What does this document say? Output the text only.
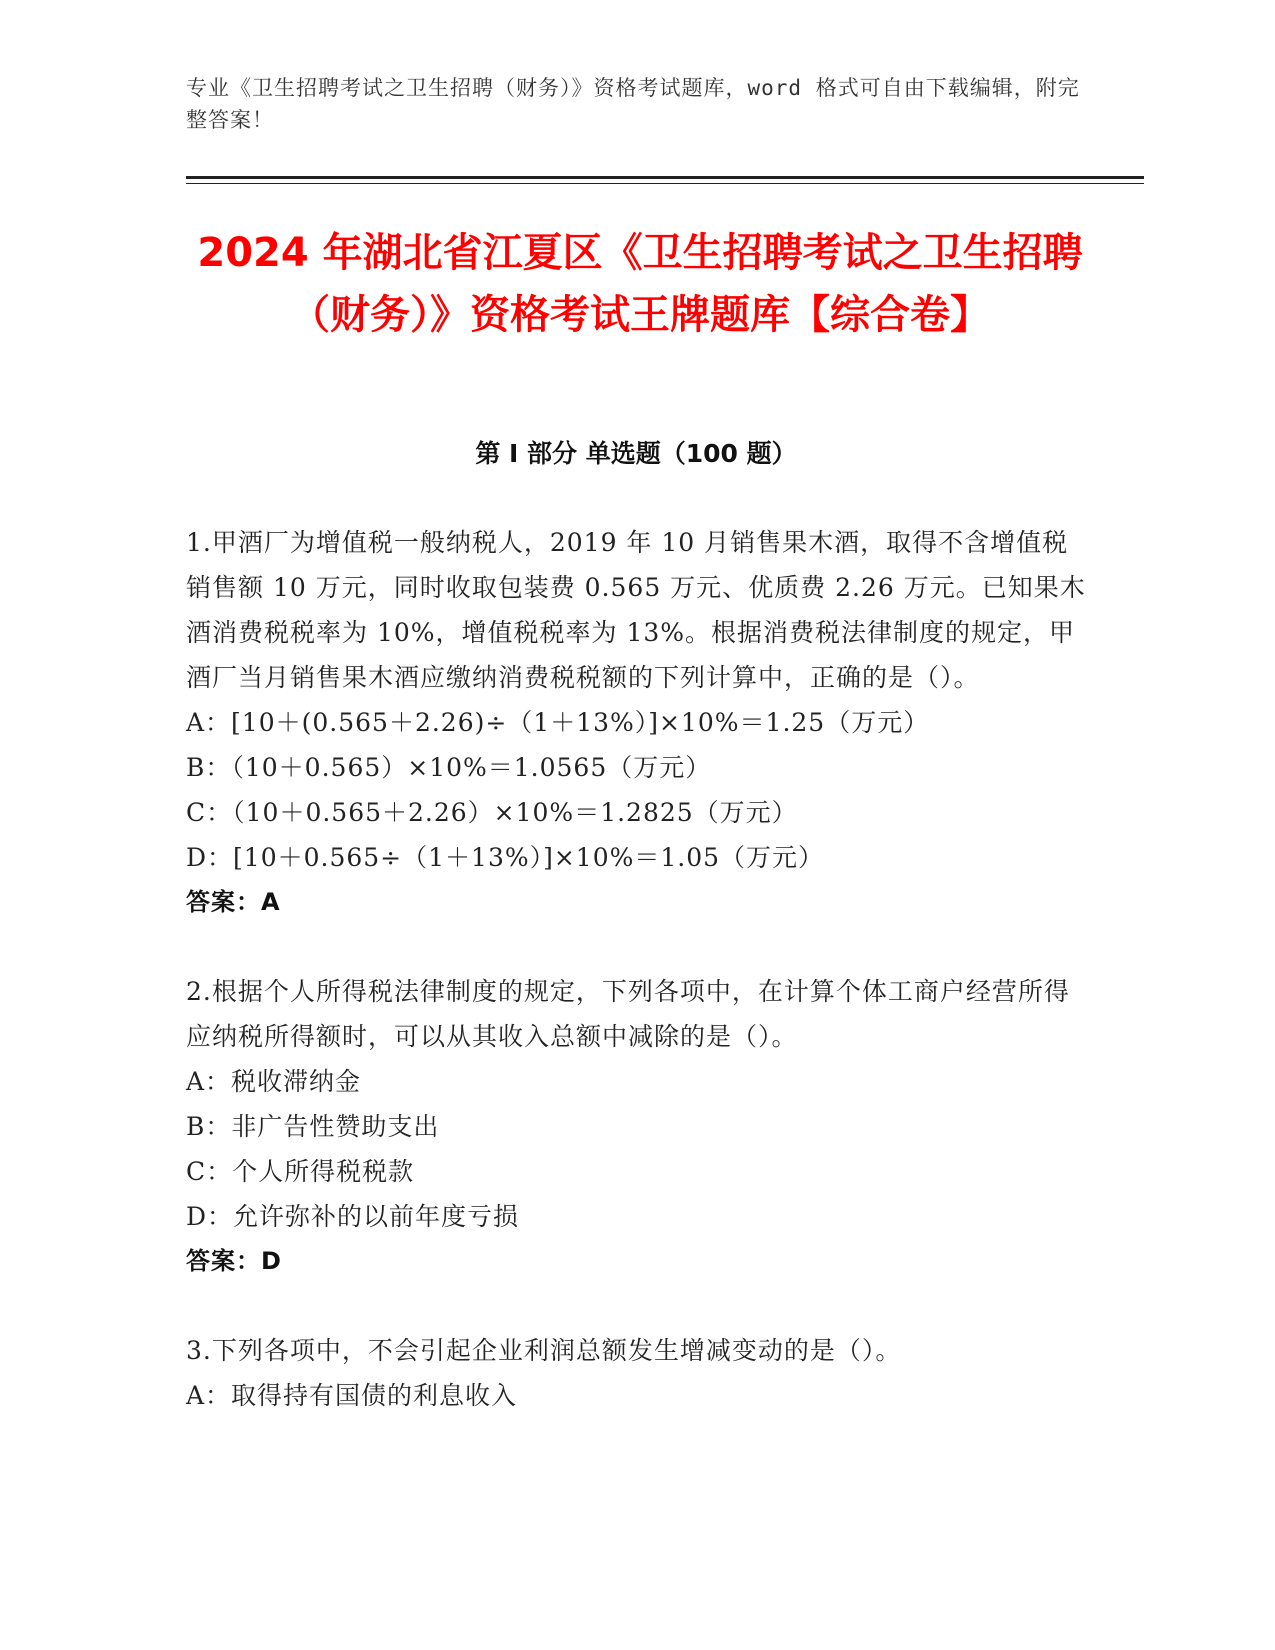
专业《卫生招聘考试之卫生招聘（财务）》资格考试题库，word 格式可自由下载编辑，附完整答案！
2024 年湖北省江夏区《卫生招聘考试之卫生招聘（财务）》资格考试王牌题库【综合卷】
第 I 部分 单选题（100 题）

1.甲酒厂为增值税一般纳税人，2019 年 10 月销售果木酒，取得不含增值税销售额 10 万元，同时收取包装费 0.565 万元、优质费 2.26 万元。已知果木酒消费税税率为 10%，增值税税率为 13%。根据消费税法律制度的规定，甲酒厂当月销售果木酒应缴纳消费税税额的下列计算中，正确的是（）。

A：[10＋(0.565＋2.26)÷（1＋13%）]×10%＝1.25（万元）

B：（10＋0.565）×10%＝1.0565（万元）

C：（10＋0.565＋2.26）×10%＝1.2825（万元）

D：[10＋0.565÷（1＋13%）]×10%＝1.05（万元）

答案：A

2.根据个人所得税法律制度的规定，下列各项中，在计算个体工商户经营所得应纳税所得额时，可以从其收入总额中减除的是（）。

A：税收滞纳金

B：非广告性赞助支出

C：个人所得税税款

D：允许弥补的以前年度亏损

答案：D

3.下列各项中，不会引起企业利润总额发生增减变动的是（）。

A：取得持有国债的利息收入
